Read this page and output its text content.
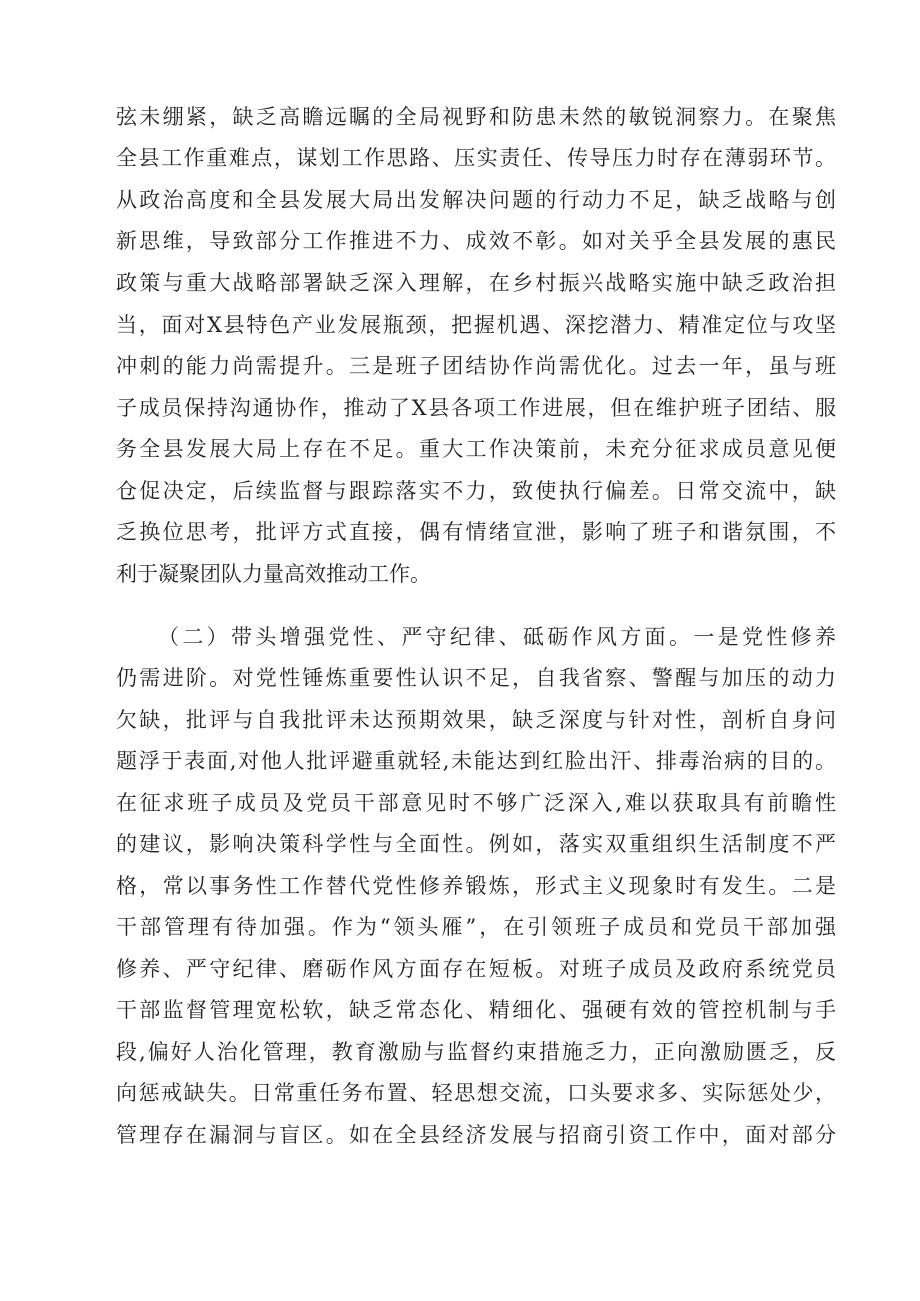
弦未绷紧，缺乏高瞻远瞩的全局视野和防患未然的敏锐洞察力。在聚焦
全县工作重难点，谋划工作思路、压实责任、传导压力时存在薄弱环节。
从政治高度和全县发展大局出发解决问题的行动力不足，缺乏战略与创
新思维，导致部分工作推进不力、成效不彰。如对关乎全县发展的惠民
政策与重大战略部署缺乏深入理解，在乡村振兴战略实施中缺乏政治担
当，面对X县特色产业发展瓶颈，把握机遇、深挖潜力、精准定位与攻坚
冲刺的能力尚需提升。三是班子团结协作尚需优化。过去一年，虽与班
子成员保持沟通协作，推动了X县各项工作进展，但在维护班子团结、服
务全县发展大局上存在不足。重大工作决策前，未充分征求成员意见便
仓促决定，后续监督与跟踪落实不力，致使执行偏差。日常交流中，缺
乏换位思考，批评方式直接，偶有情绪宣泄，影响了班子和谐氛围，不
利于凝聚团队力量高效推动工作。
（二）带头增强党性、严守纪律、砥砺作风方面。一是党性修养
仍需进阶。对党性锤炼重要性认识不足，自我省察、警醒与加压的动力
欠缺，批评与自我批评未达预期效果，缺乏深度与针对性，剖析自身问
题浮于表面,对他人批评避重就轻,未能达到红脸出汗、排毒治病的目的。
在征求班子成员及党员干部意见时不够广泛深入,难以获取具有前瞻性
的建议，影响决策科学性与全面性。例如，落实双重组织生活制度不严
格，常以事务性工作替代党性修养锻炼，形式主义现象时有发生。二是
干部管理有待加强。作为“领头雁”，在引领班子成员和党员干部加强
修养、严守纪律、磨砺作风方面存在短板。对班子成员及政府系统党员
干部监督管理宽松软，缺乏常态化、精细化、强硬有效的管控机制与手
段,偏好人治化管理，教育激励与监督约束措施乏力，正向激励匮乏，反
向惩戒缺失。日常重任务布置、轻思想交流，口头要求多、实际惩处少，
管理存在漏洞与盲区。如在全县经济发展与招商引资工作中，面对部分
